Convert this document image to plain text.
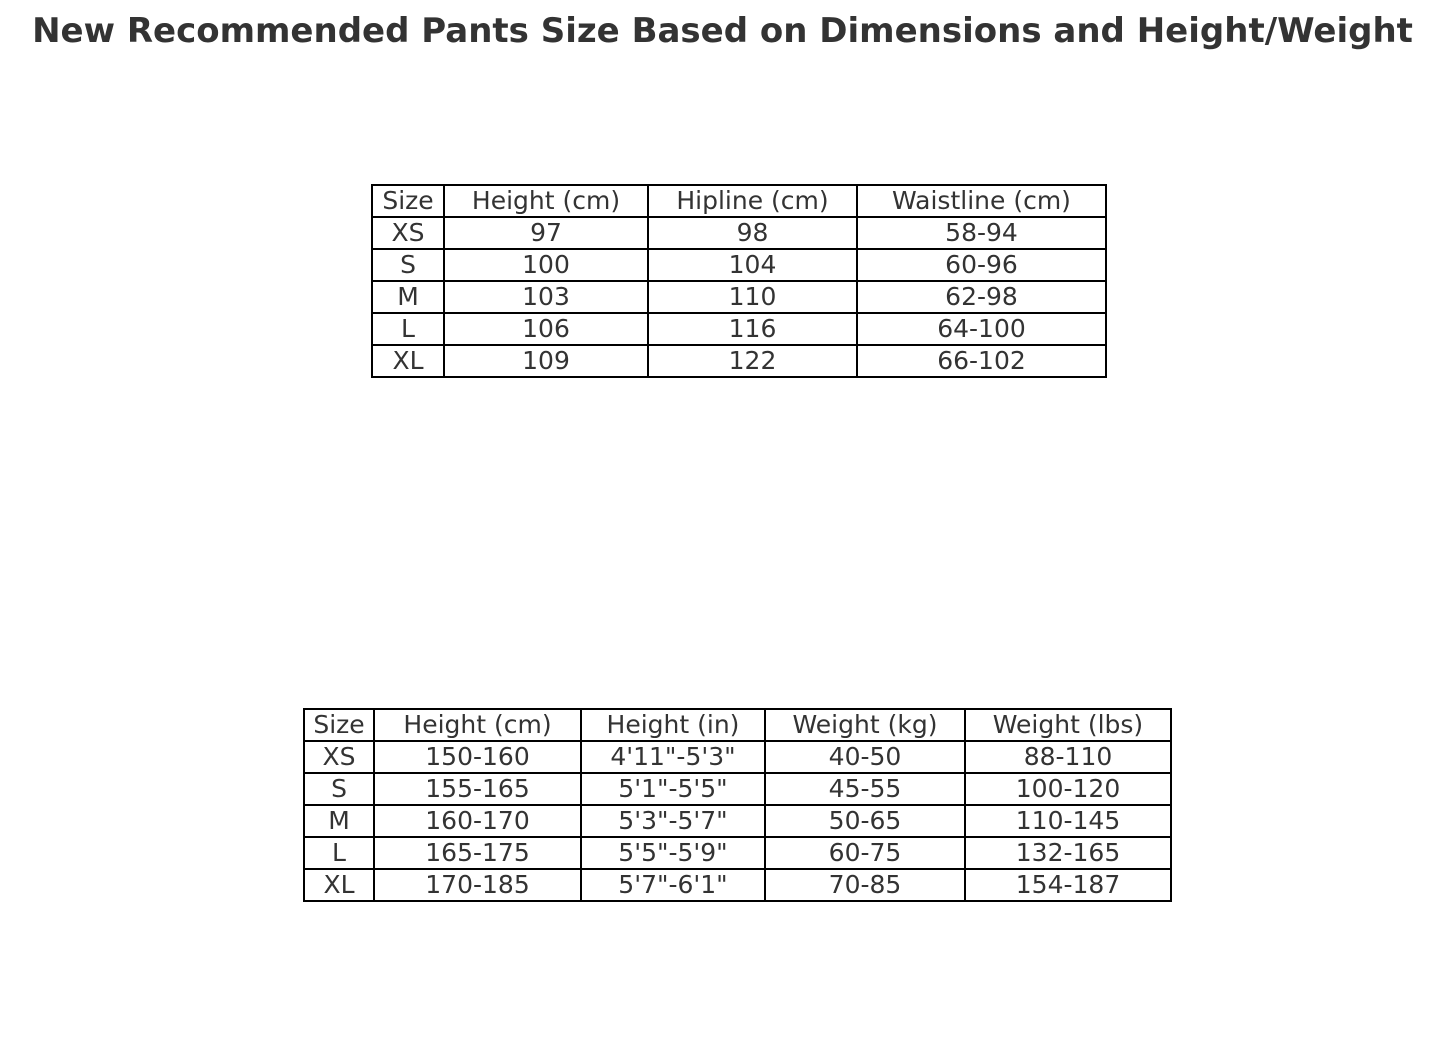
New Recommended Pants Size Based on Dimensions and Height/Weight
Size	Height (cm)	Hipline (cm)	Waistline (cm)
XS	97	98	58-94
S	100	104	60-96
M	103	110	62-98
L	106	116	64-100
XL	109	122	66-102
Size	Height (cm)	Height (in)	Weight (kg)	Weight (lbs)
XS	150-160	4'11"-5'3"	40-50	88-110
S	155-165	5'1"-5'5"	45-55	100-120
M	160-170	5'3"-5'7"	50-65	110-145
L	165-175	5'5"-5'9"	60-75	132-165
XL	170-185	5'7"-6'1"	70-85	154-187
